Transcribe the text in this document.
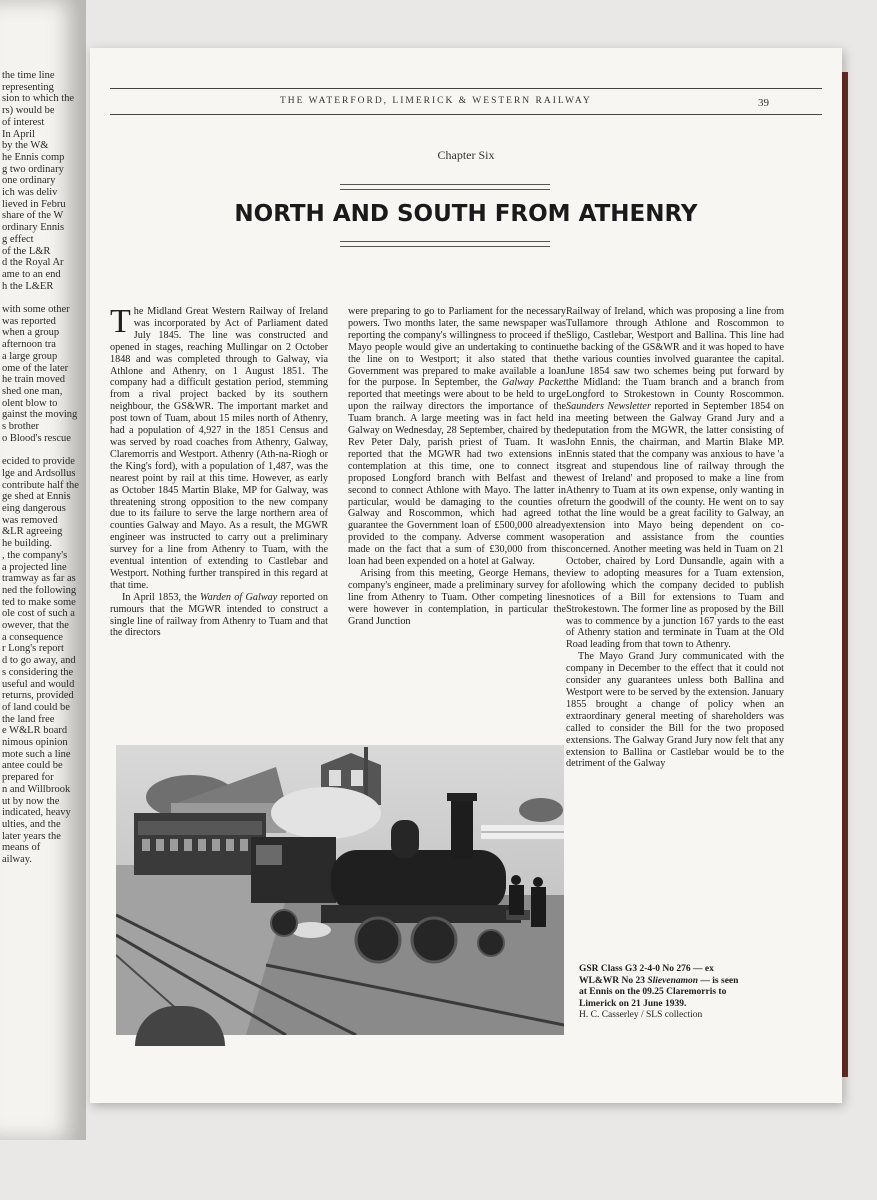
the time line
representing
sion to which the
rs) would be
of interest
In April
by the W&
he Ennis comp
g two ordinary
one ordinary
ich was deliv
lieved in Febru
share of the W
ordinary Ennis
g effect
of the L&R
d the Royal Ar
ame to an end
h the L&ER

with some other
was reported
when a group
afternoon tra
a large group
ome of the later
he train moved
shed one man,
olent blow to
gainst the moving
s brother
o Blood's rescue

ecided to provide
lge and Ardsollus
contribute half the
ge shed at Ennis
eing dangerous
was removed
&LR agreeing
he building.
, the company's
a projected line
tramway as far as
ned the following
ted to make some
ole cost of such a
owever, that the
a consequence
r Long's report
d to go away, and
s considering the
useful and would
returns, provided
of land could be
the land free
e W&LR board
nimous opinion
mote such a line
antee could be
prepared for
n and Willbrook
ut by now the
indicated, heavy
ulties, and the
later years the
means of
ailway.
THE WATERFORD, LIMERICK & WESTERN RAILWAY	39
Chapter Six
NORTH AND SOUTH FROM ATHENRY

The Midland Great Western Railway of Ireland was incorporated by Act of Parliament dated July 1845. The line was constructed and opened in stages, reaching Mullingar on 2 October 1848 and was completed through to Galway, via Athlone and Athenry, on 1 August 1851. The company had a difficult gestation period, stemming from a rival project backed by its southern neighbour, the GS&WR. The important market and post town of Tuam, about 15 miles north of Athenry, had a population of 4,927 in the 1851 Census and was served by road coaches from Athenry, Galway, Claremorris and Westport. Athenry (Ath-na-Riogh or the King's ford), with a population of 1,487, was the nearest point by rail at this time. However, as early as October 1845 Martin Blake, MP for Galway, was threatening strong opposition to the new company due to its failure to serve the large northern area of counties Galway and Mayo. As a result, the MGWR engineer was instructed to carry out a preliminary survey for a line from Athenry to Tuam, with the eventual intention of extending to Castlebar and Westport. Nothing further transpired in this regard at that time.

In April 1853, the Warden of Galway reported on rumours that the MGWR intended to construct a single line of railway from Athenry to Tuam and that the directors

were preparing to go to Parliament for the necessary powers. Two months later, the same newspaper was reporting the company's willingness to proceed if the Mayo people would give an undertaking to continue the line on to Westport; it also stated that the Government was prepared to make available a loan for the purpose. In September, the Galway Packet reported that meetings were about to be held to urge upon the railway directors the importance of the Tuam branch. A large meeting was in fact held in Galway on Wednesday, 28 September, chaired by the Rev Peter Daly, parish priest of Tuam. It was reported that the MGWR had two extensions in contemplation at this time, one to connect its proposed Longford branch with Belfast and the second to connect Athlone with Mayo. The latter in particular, would be damaging to the counties of Galway and Roscommon, which had agreed to guarantee the Government loan of £500,000 already provided to the company. Adverse comment was made on the fact that a sum of £30,000 from this loan had been expended on a hotel at Galway.

Arising from this meeting, George Hemans, the company's engineer, made a preliminary survey for a line from Athenry to Tuam. Other competing lines were however in contemplation, in particular the Grand Junction

Railway of Ireland, which was proposing a line from Tullamore through Athlone and Roscommon to Sligo, Castlebar, Westport and Ballina. This line had the backing of the GS&WR and it was hoped to have the various counties involved guarantee the capital. June 1854 saw two schemes being put forward by the Midland: the Tuam branch and a branch from Longford to Strokestown in County Roscommon. Saunders Newsletter reported in September 1854 on a meeting between the Galway Grand Jury and a deputation from the MGWR, the latter consisting of John Ennis, the chairman, and Martin Blake MP. Ennis stated that the company was anxious to have 'a great and stupendous line of railway through the west of Ireland' and proposed to make a line from Athenry to Tuam at its own expense, only wanting in return the goodwill of the county. He went on to say that the line would be a great facility to Galway, an extension into Mayo being dependent on co-operation and assistance from the counties concerned. Another meeting was held in Tuam on 21 October, chaired by Lord Dunsandle, again with a view to adopting measures for a Tuam extension, following which the company decided to publish notices of a Bill for extensions to Tuam and Strokestown. The former line as proposed by the Bill was to commence by a junction 167 yards to the east of Athenry station and terminate in Tuam at the Old Road leading from that town to Athenry.

The Mayo Grand Jury communicated with the company in December to the effect that it could not consider any guarantees unless both Ballina and Westport were to be served by the extension. January 1855 brought a change of policy when an extraordinary general meeting of shareholders was called to consider the Bill for the two proposed extensions. The Galway Grand Jury now felt that any extension to Ballina or Castlebar would be to the detriment of the Galway

GSR Class G3 2-4-0 No 276 — ex WL&WR No 23 Slievenamon — is seen at Ennis on the 09.25 Claremorris to Limerick on 21 June 1939.
H. C. Casserley / SLS collection
